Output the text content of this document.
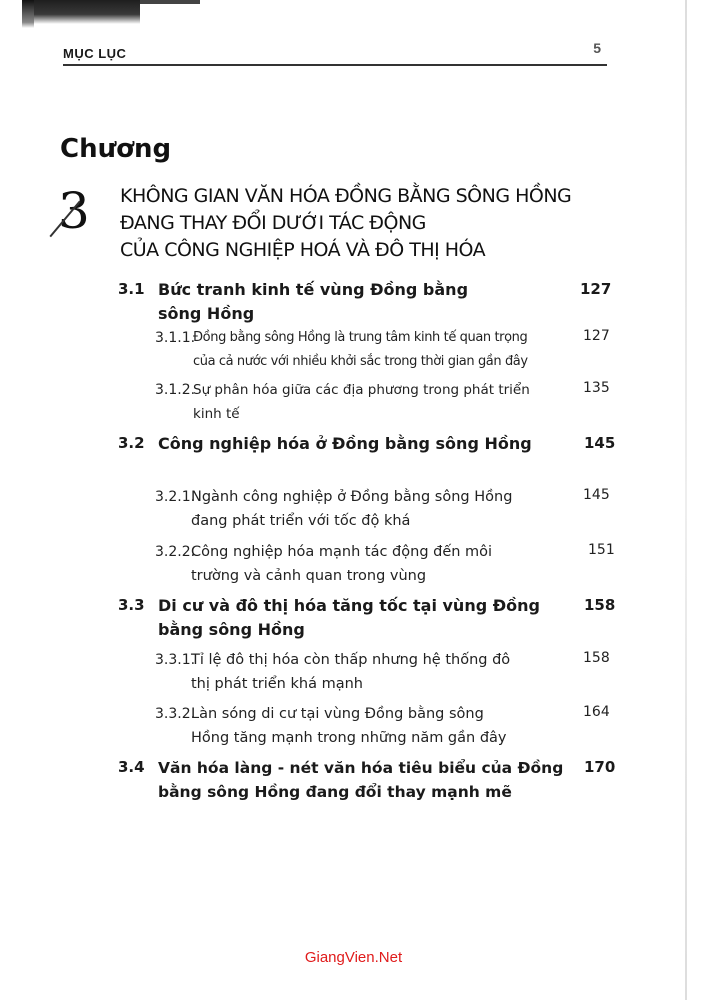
MỤC LỤC	5
Chương
3 KHÔNG GIAN VĂN HÓA ĐỒNG BẰNG SÔNG HỒNG
ĐANG THAY ĐỔI DƯỚI TÁC ĐỘNG
CỦA CÔNG NGHIỆP HOÁ VÀ ĐÔ THỊ HÓA
3.1 Bức tranh kinh tế vùng Đồng bằng
sông Hồng
127
3.1.1.
Đồng bằng sông Hồng là trung tâm kinh tế quan trọng
của cả nước với nhiều khởi sắc trong thời gian gần đây
127
3.1.2.
Sự phân hóa giữa các địa phương trong phát triển
kinh tế
135
3.2 Công nghiệp hóa ở Đồng bằng sông Hồng	145
3.2.1.
Ngành công nghiệp ở Đồng bằng sông Hồng
đang phát triển với tốc độ khá
145
3.2.2.
Công nghiệp hóa mạnh tác động đến môi
trường và cảnh quan trong vùng
151
3.3 Di cư và đô thị hóa tăng tốc tại vùng Đồng
bằng sông Hồng
158
3.3.1.
Tỉ lệ đô thị hóa còn thấp nhưng hệ thống đô
thị phát triển khá mạnh
158
3.3.2.
Làn sóng di cư tại vùng Đồng bằng sông
Hồng tăng mạnh trong những năm gần đây
164
3.4 Văn hóa làng - nét văn hóa tiêu biểu của Đồng
bằng sông Hồng đang đổi thay mạnh mẽ
170
GiangVien.Net
